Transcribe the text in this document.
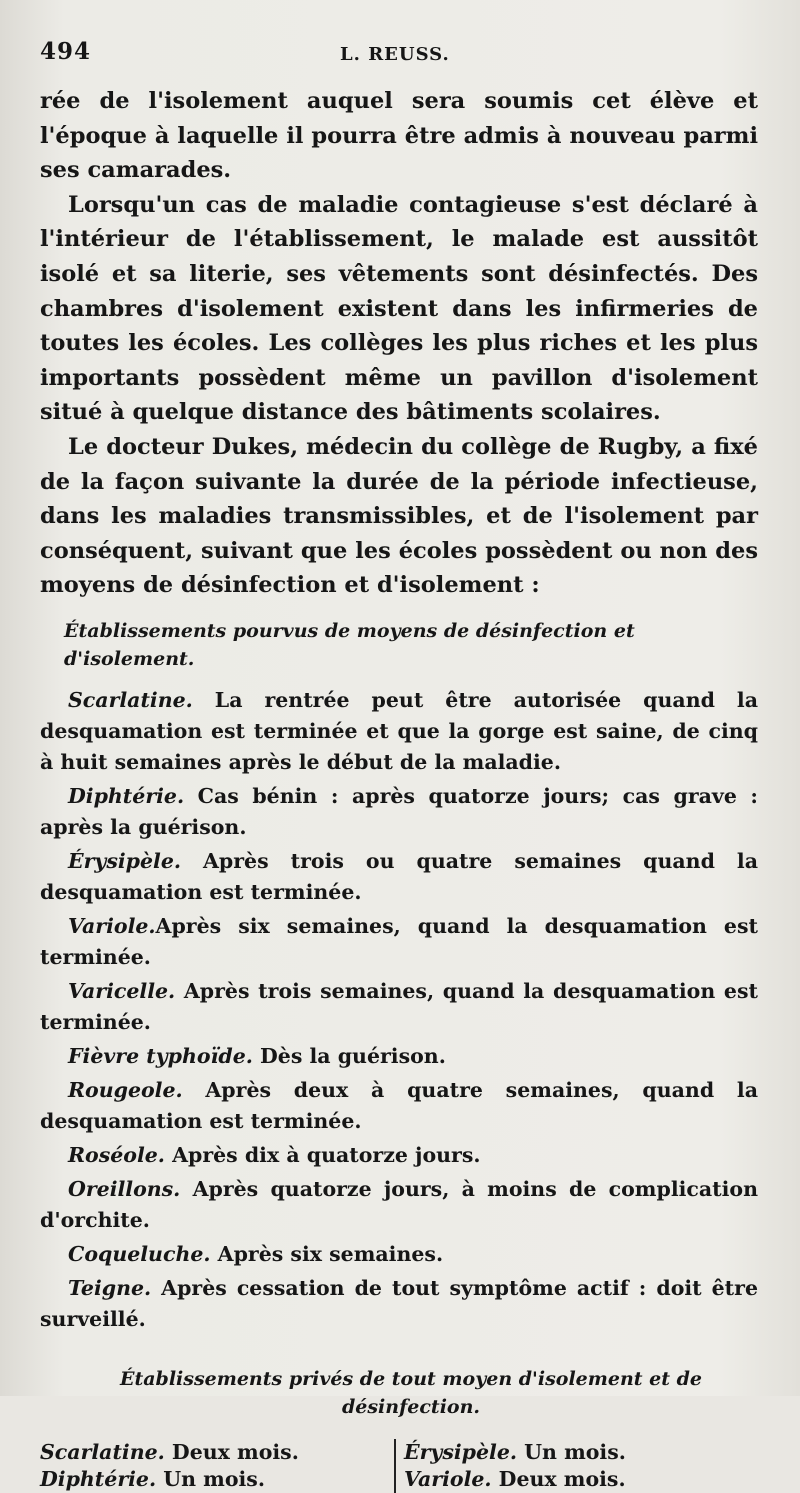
494	L. REUSS.

rée de l'isolement auquel sera soumis cet élève et l'époque à laquelle il pourra être admis à nouveau parmi ses camarades.

Lorsqu'un cas de maladie contagieuse s'est déclaré à l'intérieur de l'établissement, le malade est aussitôt isolé et sa literie, ses vêtements sont désinfectés. Des chambres d'isolement existent dans les infirmeries de toutes les écoles. Les collèges les plus riches et les plus importants possèdent même un pavillon d'isolement situé à quelque distance des bâtiments scolaires.

Le docteur Dukes, médecin du collège de Rugby, a fixé de la façon suivante la durée de la période infectieuse, dans les maladies transmissibles, et de l'isolement par conséquent, suivant que les écoles possèdent ou non des moyens de désinfection et d'isolement :

Établissements pourvus de moyens de désinfection et d'isolement.

Scarlatine. La rentrée peut être autorisée quand la desquamation est terminée et que la gorge est saine, de cinq à huit semaines après le début de la maladie.

Diphtérie. Cas bénin : après quatorze jours; cas grave : après la guérison.

Érysipèle. Après trois ou quatre semaines quand la desquamation est terminée.

Variole.Après six semaines, quand la desquamation est terminée.

Varicelle. Après trois semaines, quand la desquamation est terminée.

Fièvre typhoïde. Dès la guérison.

Rougeole. Après deux à quatre semaines, quand la desquamation est terminée.

Roséole. Après dix à quatorze jours.

Oreillons. Après quatorze jours, à moins de complication d'orchite.

Coqueluche. Après six semaines.

Teigne. Après cessation de tout symptôme actif : doit être surveillé.

Établissements privés de tout moyen d'isolement et de désinfection.
Scarlatine. Deux mois.
Diphtérie. Un mois.
Érysipèle. Un mois.
Variole. Deux mois.
